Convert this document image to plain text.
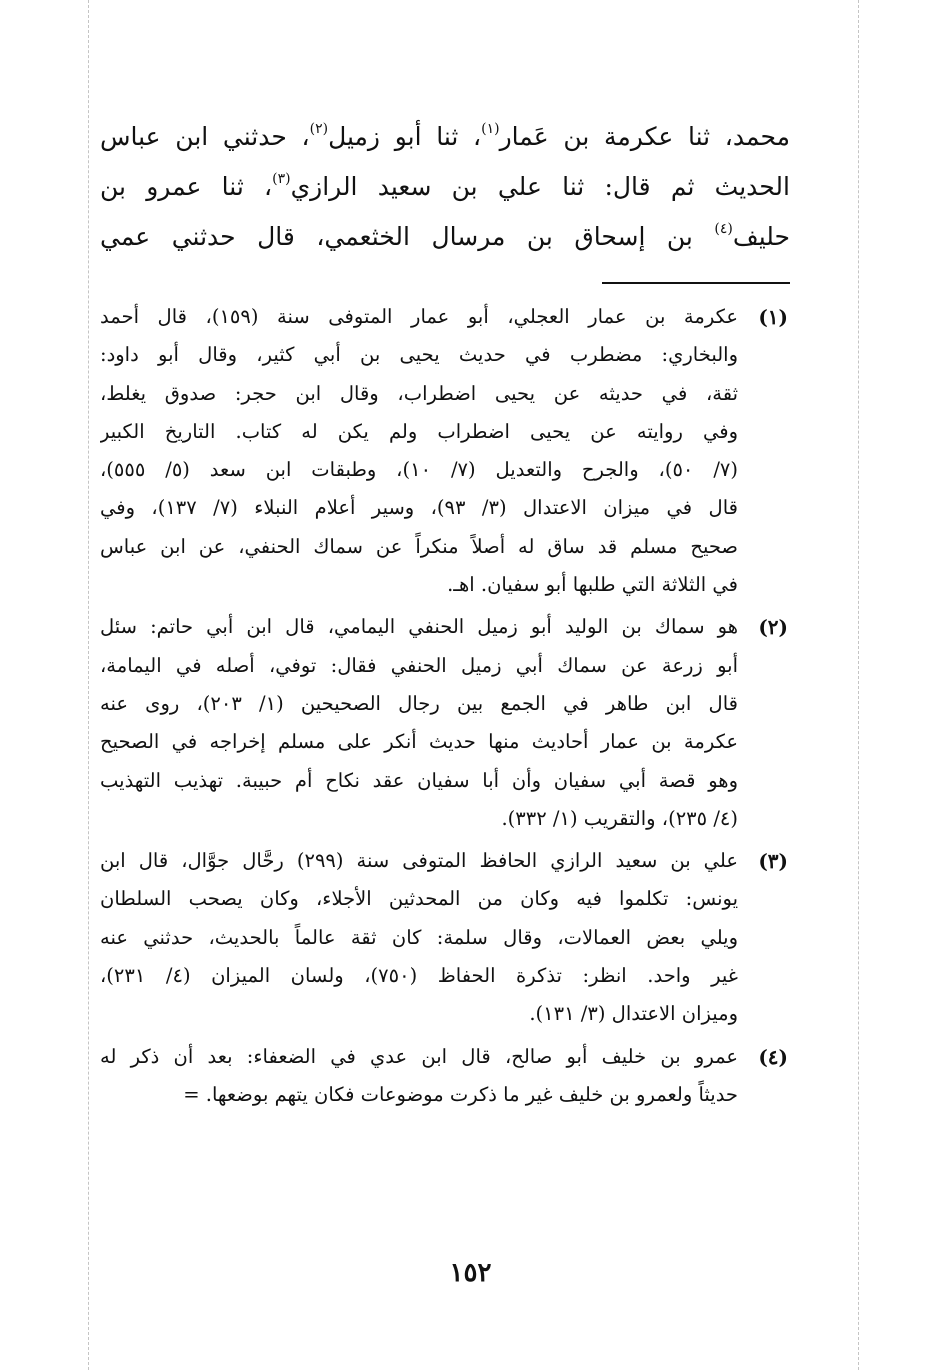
محمد، ثنا عكرمة بن عَمار$^{(١)}$، ثنا أبو زميل$^{(٢)}$، حدثني ابن عباس
الحديث ثم قال: ثنا علي بن سعيد الرازي$^{(٣)}$، ثنا عمرو بن
حليف$^{(٤)}$ بن إسحاق بن مرسال الخثعمي، قال حدثني عمي
(١)
عكرمة بن عمار العجلي، أبو عمار المتوفى سنة (١٥٩)، قال أحمد
والبخاري: مضطرب في حديث يحيى بن أبي كثير، وقال أبو داود:
ثقة، في حديثه عن يحيى اضطراب، وقال ابن حجر: صدوق يغلط،
وفي روايته عن يحيى اضطراب ولم يكن له كتاب. التاريخ الكبير
(٧/ ٥٠)، والجرح والتعديل (٧/ ١٠)، وطبقات ابن سعد (٥/ ٥٥٥)،
قال في ميزان الاعتدال (٣/ ٩٣)، وسير أعلام النبلاء (٧/ ١٣٧)، وفي
صحيح مسلم قد ساق له أصلاً منكراً عن سماك الحنفي، عن ابن عباس
في الثلاثة التي طلبها أبو سفيان. اهـ.
(٢)
هو سماك بن الوليد أبو زميل الحنفي اليمامي، قال ابن أبي حاتم: سئل
أبو زرعة عن سماك أبي زميل الحنفي فقال: توفي، أصله في اليمامة،
قال ابن طاهر في الجمع بين رجال الصحيحين (١/ ٢٠٣)، روى عنه
عكرمة بن عمار أحاديث منها حديث أنكر على مسلم إخراجه في الصحيح
وهو قصة أبي سفيان وأن أبا سفيان عقد نكاح أم حبيبة. تهذيب التهذيب
(٤/ ٢٣٥)، والتقريب (١/ ٣٣٢).
(٣)
علي بن سعيد الرازي الحافظ المتوفى سنة (٢٩٩) رحَّال جوَّال، قال ابن
يونس: تكلموا فيه وكان من المحدثين الأجلاء، وكان يصحب السلطان
ويلي بعض العمالات، وقال سلمة: كان ثقة عالماً بالحديث، حدثني عنه
غير واحد. انظر: تذكرة الحفاظ (٧٥٠)، ولسان الميزان (٤/ ٢٣١)،
وميزان الاعتدال (٣/ ١٣١).
(٤)
عمرو بن خليف أبو صالح، قال ابن عدي في الضعفاء: بعد أن ذكر له
حديثاً ولعمرو بن خليف غير ما ذكرت موضوعات فكان يتهم بوضعها. =
١٥٢
